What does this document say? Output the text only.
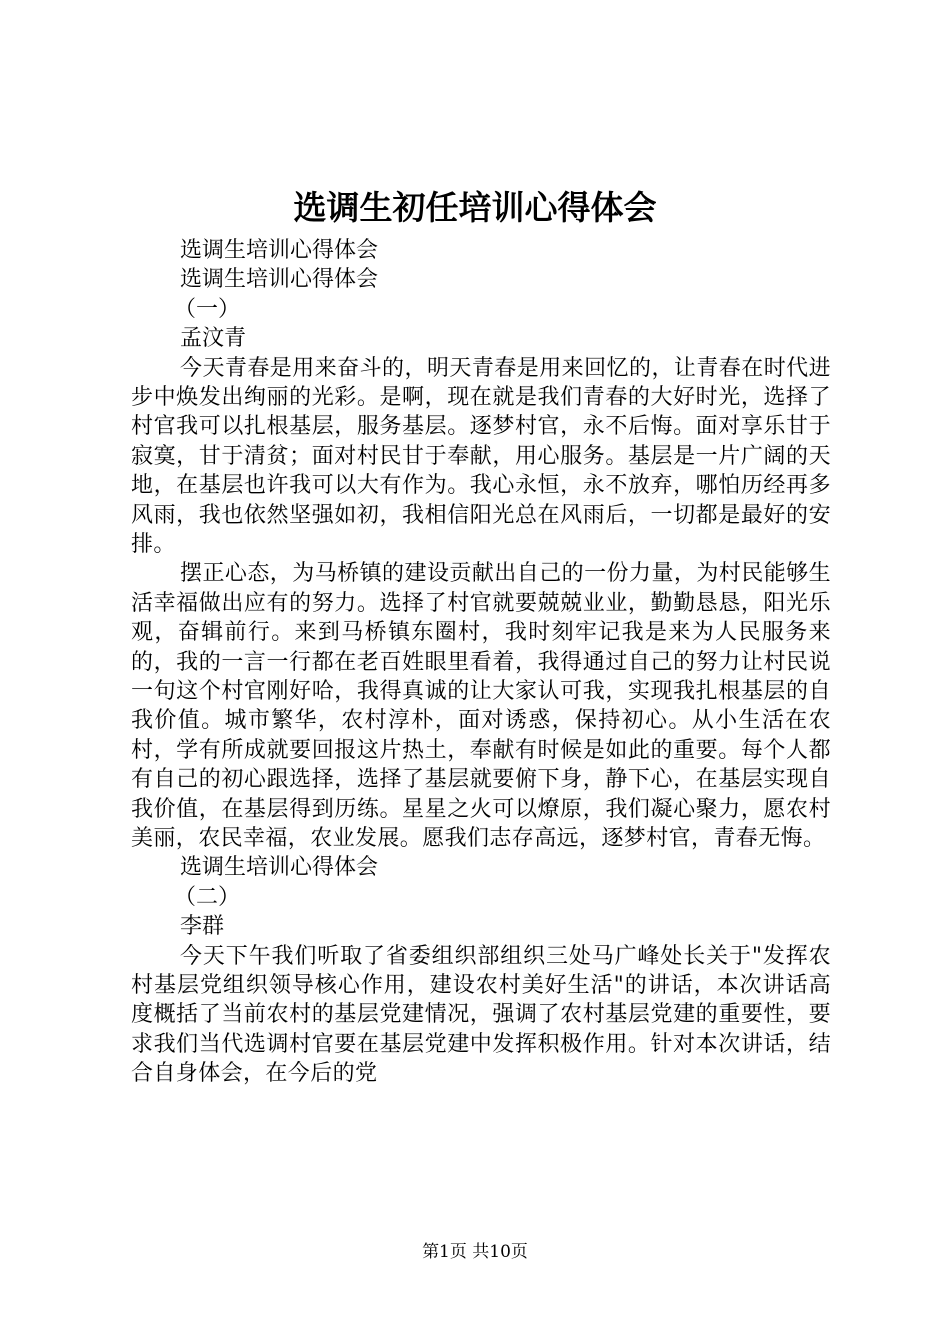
选调生初任培训心得体会
选调生培训心得体会
选调生培训心得体会
（一）
孟汶青

今天青春是用来奋斗的，明天青春是用来回忆的，让青春在时代进步中焕发出绚丽的光彩。是啊，现在就是我们青春的大好时光，选择了村官我可以扎根基层，服务基层。逐梦村官，永不后悔。面对享乐甘于寂寞，甘于清贫；面对村民甘于奉献，用心服务。基层是一片广阔的天地，在基层也许我可以大有作为。我心永恒，永不放弃，哪怕历经再多风雨，我也依然坚强如初，我相信阳光总在风雨后，一切都是最好的安排。

摆正心态，为马桥镇的建设贡献出自己的一份力量，为村民能够生活幸福做出应有的努力。选择了村官就要兢兢业业，勤勤恳恳，阳光乐观，奋辑前行。来到马桥镇东圈村，我时刻牢记我是来为人民服务来的，我的一言一行都在老百姓眼里看着，我得通过自己的努力让村民说一句这个村官刚好哈，我得真诚的让大家认可我，实现我扎根基层的自我价值。城市繁华，农村淳朴，面对诱惑，保持初心。从小生活在农村，学有所成就要回报这片热土，奉献有时候是如此的重要。每个人都有自己的初心跟选择，选择了基层就要俯下身，静下心，在基层实现自我价值，在基层得到历练。星星之火可以燎原，我们凝心聚力，愿农村美丽，农民幸福，农业发展。愿我们志存高远，逐梦村官，青春无悔。

选调生培训心得体会
（二）
李群

今天下午我们听取了省委组织部组织三处马广峰处长关于"发挥农村基层党组织领导核心作用，建设农村美好生活"的讲话，本次讲话高度概括了当前农村的基层党建情况，强调了农村基层党建的重要性，要求我们当代选调村官要在基层党建中发挥积极作用。针对本次讲话，结合自身体会，在今后的党

第1页 共10页
